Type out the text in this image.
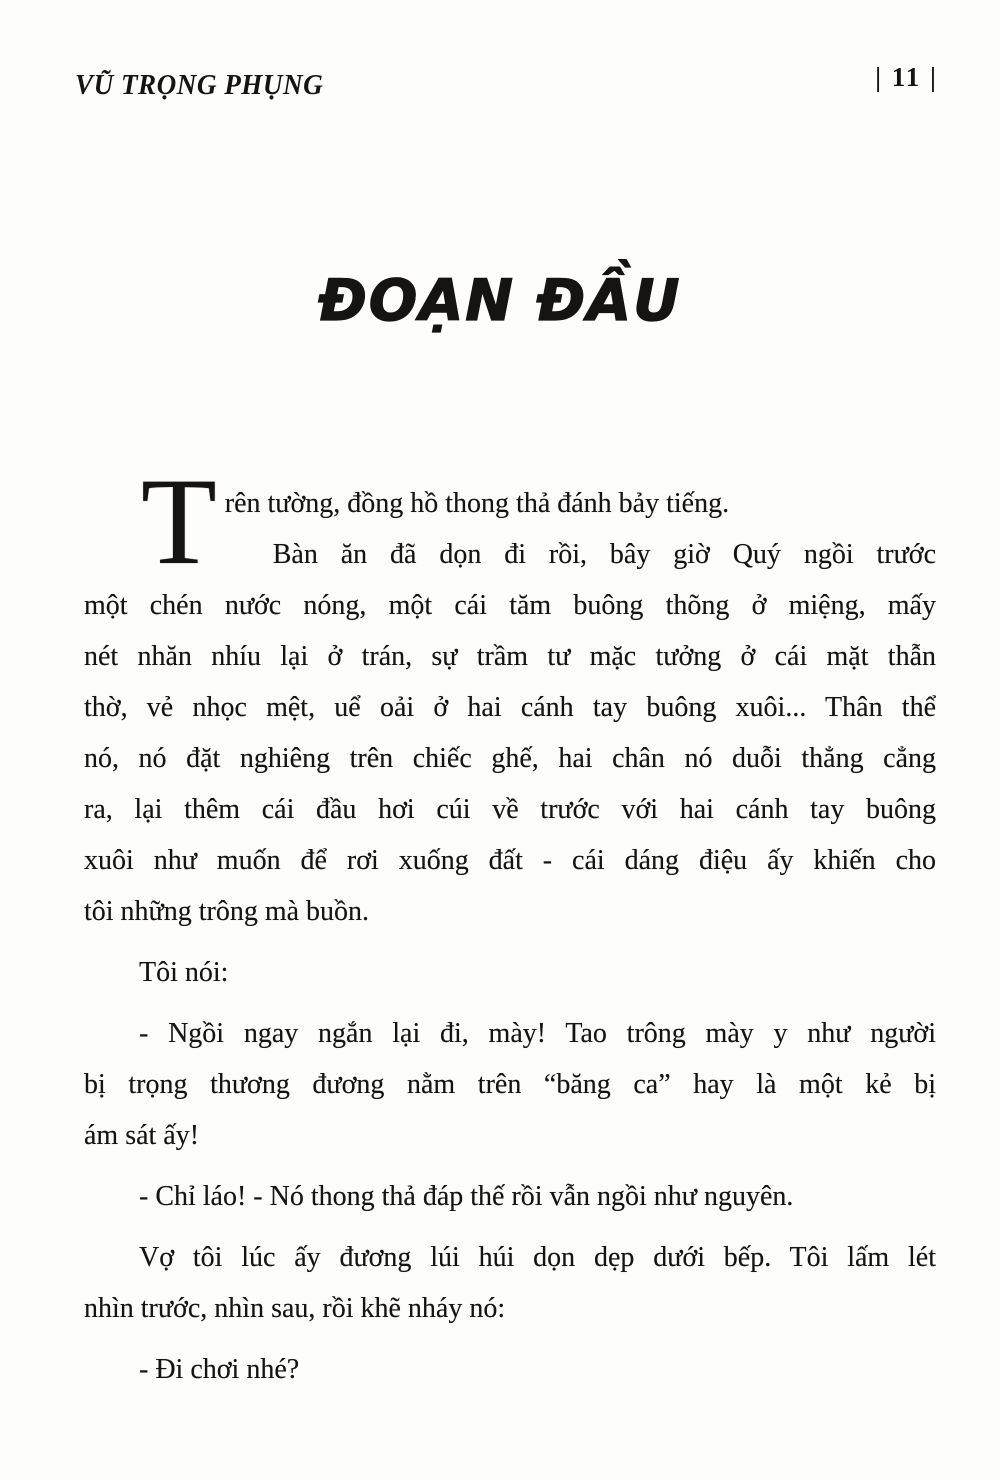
VŨ TRỌNG PHỤNG	| 11 |
ĐOẠN ĐẦU
T rên tường, đồng hồ thong thả đánh bảy tiếng.
Bàn ăn đã dọn đi rồi, bây giờ Quý ngồi trước
một chén nước nóng, một cái tăm buông thõng ở miệng, mấy
nét nhăn nhíu lại ở trán, sự trầm tư mặc tưởng ở cái mặt thẫn
thờ, vẻ nhọc mệt, uể oải ở hai cánh tay buông xuôi... Thân thể
nó, nó đặt nghiêng trên chiếc ghế, hai chân nó duỗi thẳng cẳng
ra, lại thêm cái đầu hơi cúi về trước với hai cánh tay buông
xuôi như muốn để rơi xuống đất - cái dáng điệu ấy khiến cho
tôi những trông mà buồn.
Tôi nói:
- Ngồi ngay ngắn lại đi, mày! Tao trông mày y như người
bị trọng thương đương nằm trên “băng ca” hay là một kẻ bị
ám sát ấy!
- Chỉ láo! - Nó thong thả đáp thế rồi vẫn ngồi như nguyên.
Vợ tôi lúc ấy đương lúi húi dọn dẹp dưới bếp. Tôi lấm lét
nhìn trước, nhìn sau, rồi khẽ nháy nó:
- Đi chơi nhé?
